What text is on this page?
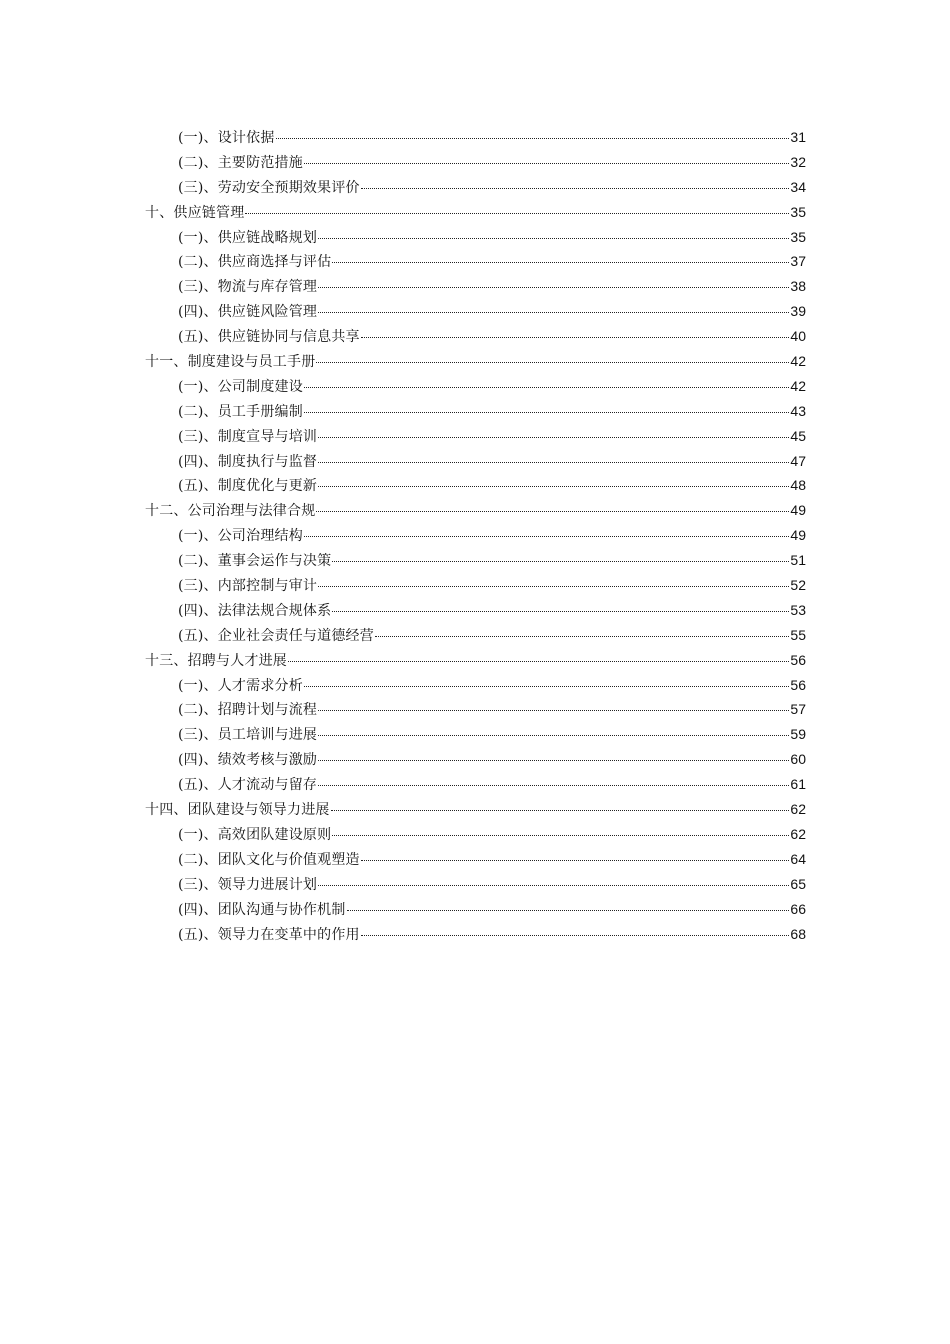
(一)、设计依据	31
(二)、主要防范措施	32
(三)、劳动安全预期效果评价	34
十、供应链管理	35
(一)、供应链战略规划	35
(二)、供应商选择与评估	37
(三)、物流与库存管理	38
(四)、供应链风险管理	39
(五)、供应链协同与信息共享	40
十一、制度建设与员工手册	42
(一)、公司制度建设	42
(二)、员工手册编制	43
(三)、制度宣导与培训	45
(四)、制度执行与监督	47
(五)、制度优化与更新	48
十二、公司治理与法律合规	49
(一)、公司治理结构	49
(二)、董事会运作与决策	51
(三)、内部控制与审计	52
(四)、法律法规合规体系	53
(五)、企业社会责任与道德经营	55
十三、招聘与人才进展	56
(一)、人才需求分析	56
(二)、招聘计划与流程	57
(三)、员工培训与进展	59
(四)、绩效考核与激励	60
(五)、人才流动与留存	61
十四、团队建设与领导力进展	62
(一)、高效团队建设原则	62
(二)、团队文化与价值观塑造	64
(三)、领导力进展计划	65
(四)、团队沟通与协作机制	66
(五)、领导力在变革中的作用	68
